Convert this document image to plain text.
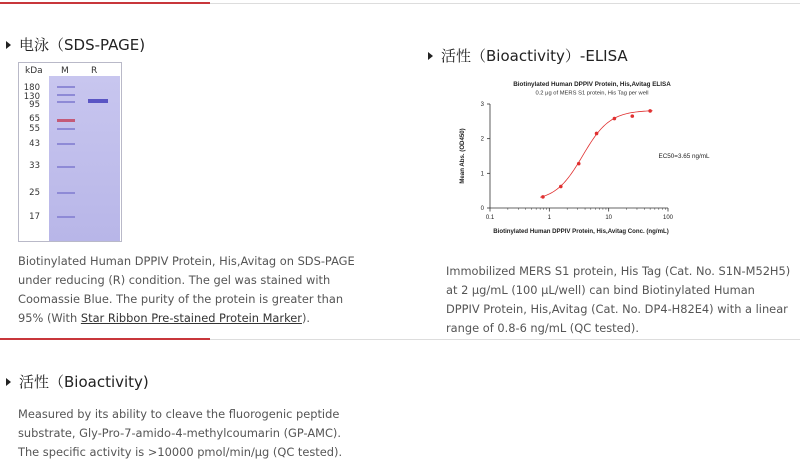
电泳（SDS-PAGE)
kDa M R
180
130
95
65
55
43
33
25
17
Biotinylated Human DPPIV Protein, His,Avitag on SDS-PAGE under reducing (R) condition. The gel was stained with Coomassie Blue. The purity of the protein is greater than 95% (With Star Ribbon Pre-stained Protein Marker).
活性（Bioactivity）-ELISA
Biotinylated Human DPPIV Protein, His,Avitag ELISA
0.2 μg of MERS S1 protein, His Tag per well
0
1
2
3
0.1	1	10	100
EC50=3.65 ng/mL
Mean Abs. (OD450)
Biotinylated Human DPPIV Protein, His,Avitag Conc. (ng/mL)
Immobilized MERS S1 protein, His Tag (Cat. No. S1N-M52H5) at 2 μg/mL (100 μL/well) can bind Biotinylated Human DPPIV Protein, His,Avitag (Cat. No. DP4-H82E4) with a linear range of 0.8-6 ng/mL (QC tested).
活性（Bioactivity)
Measured by its ability to cleave the fluorogenic peptide substrate, Gly-Pro-7-amido-4-methylcoumarin (GP-AMC). The specific activity is >10000 pmol/min/μg (QC tested).
